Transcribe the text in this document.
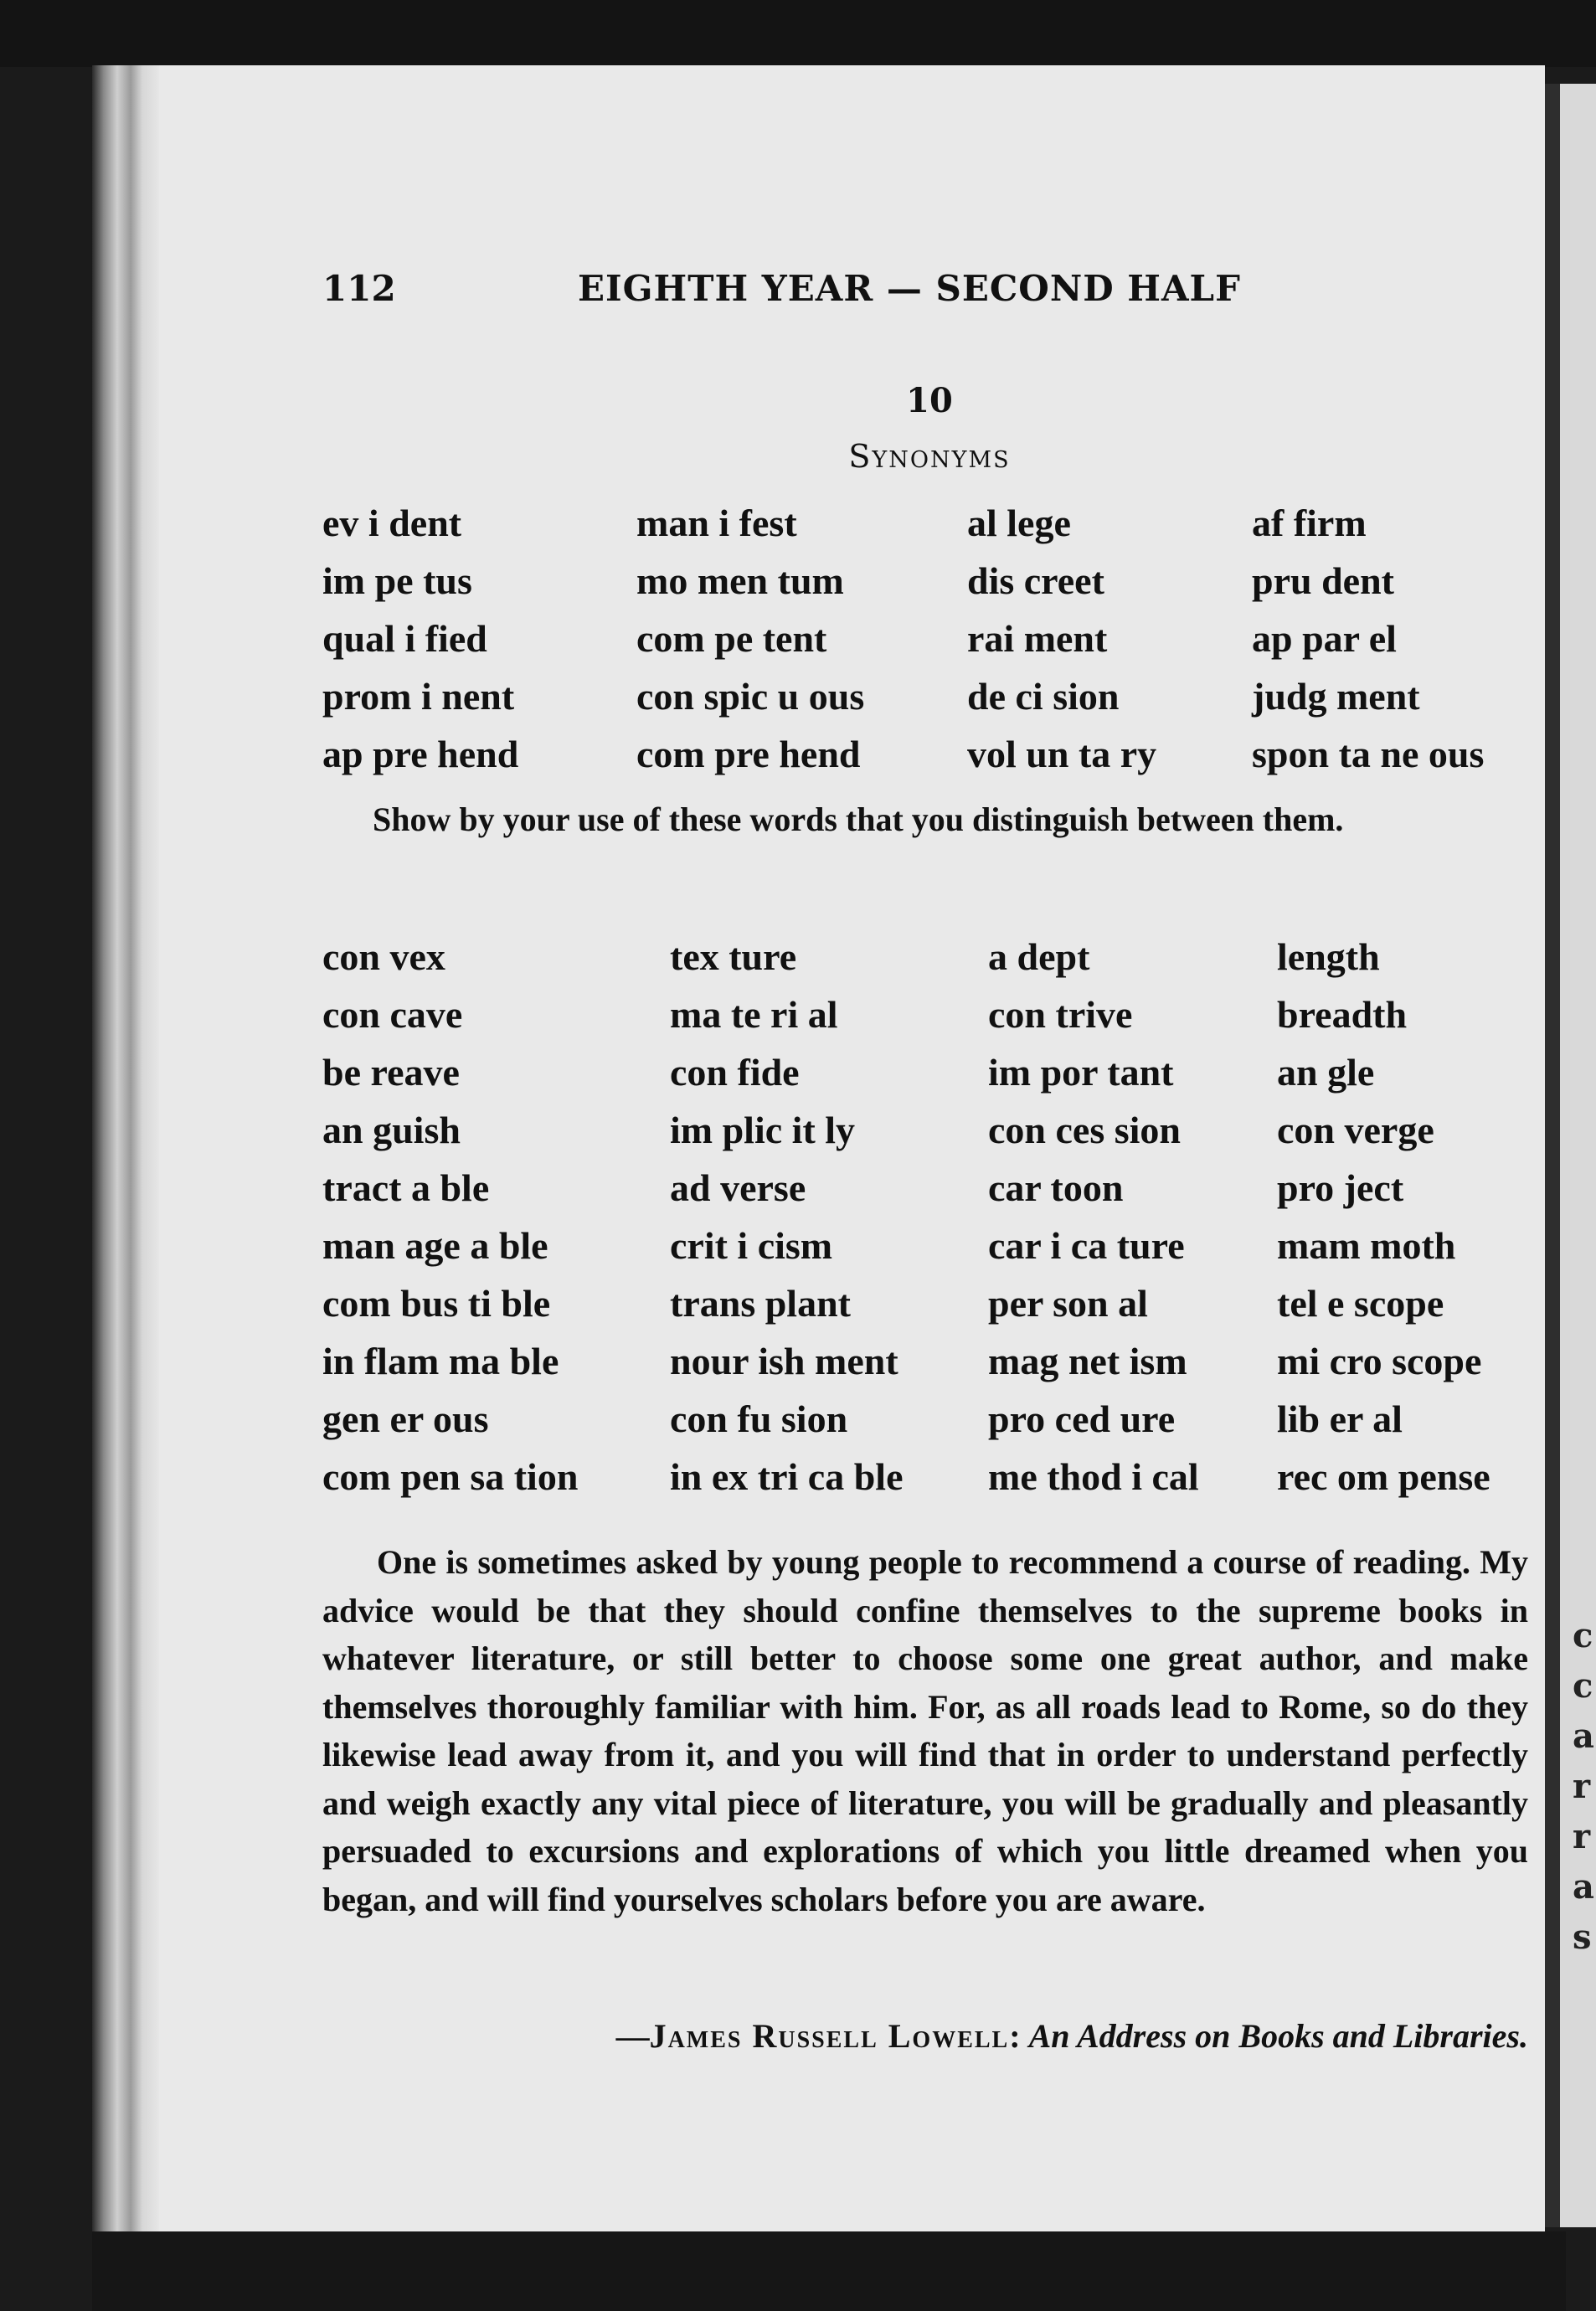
c
c
a
r
r
a
s
112	EIGHTH YEAR — SECOND HALF
10
Synonyms
ev i dent
im pe tus
qual i fied
prom i nent
ap pre hend
man i fest
mo men tum
com pe tent
con spic u ous
com pre hend
al lege
dis creet
rai ment
de ci sion
vol un ta ry
af firm
pru dent
ap par el
judg ment
spon ta ne ous
Show by your use of these words that you distinguish between them.
con vex
con cave
be reave
an guish
tract a ble
man age a ble
com bus ti ble
in flam ma ble
gen er ous
com pen sa tion
tex ture
ma te ri al
con fide
im plic it ly
ad verse
crit i cism
trans plant
nour ish ment
con fu sion
in ex tri ca ble
a dept
con trive
im por tant
con ces sion
car toon
car i ca ture
per son al
mag net ism
pro ced ure
me thod i cal
length
breadth
an gle
con verge
pro ject
mam moth
tel e scope
mi cro scope
lib er al
rec om pense
One is sometimes asked by young people to recommend a course of reading. My advice would be that they should confine themselves to the supreme books in whatever literature, or still better to choose some one great author, and make themselves thoroughly familiar with him. For, as all roads lead to Rome, so do they likewise lead away from it, and you will find that in order to understand perfectly and weigh exactly any vital piece of literature, you will be gradually and pleasantly persuaded to excursions and explorations of which you little dreamed when you began, and will find yourselves scholars before you are aware.
—James Russell Lowell: An Address on Books and Libraries.
